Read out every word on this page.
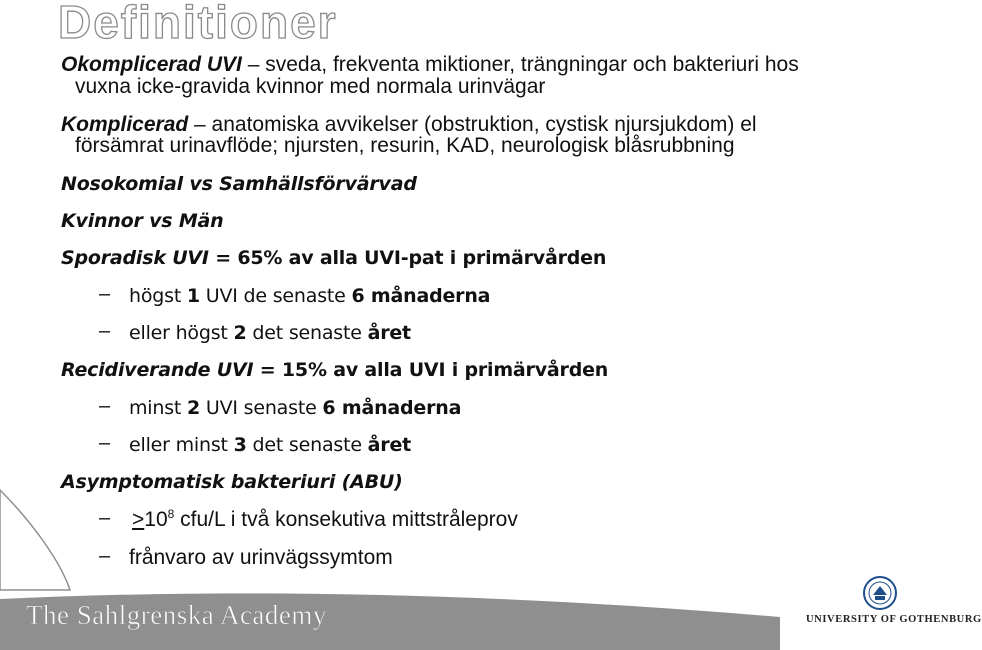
Definitioner
Okomplicerad UVI – sveda, frekventa miktioner, trängningar och bakteriuri hos
vuxna icke-gravida kvinnor med normala urinvägar
Komplicerad – anatomiska avvikelser (obstruktion, cystisk njursjukdom) el
försämrat urinavflöde; njursten, resurin, KAD, neurologisk blåsrubbning
Nosokomial vs Samhällsförvärvad
Kvinnor vs Män
Sporadisk UVI = 65% av alla UVI-pat i primärvården
– högst 1 UVI de senaste 6 månaderna
– eller högst 2 det senaste året
Recidiverande UVI = 15% av alla UVI i primärvården
– minst 2 UVI senaste 6 månaderna
– eller minst 3 det senaste året
Asymptomatisk bakteriuri (ABU)
– $>10^8$ cfu/L i två konsekutiva mittstråleprov
– frånvaro av urinvägssymtom
The Sahlgrenska Academy	UNIVERSITY OF GOTHENBURG
